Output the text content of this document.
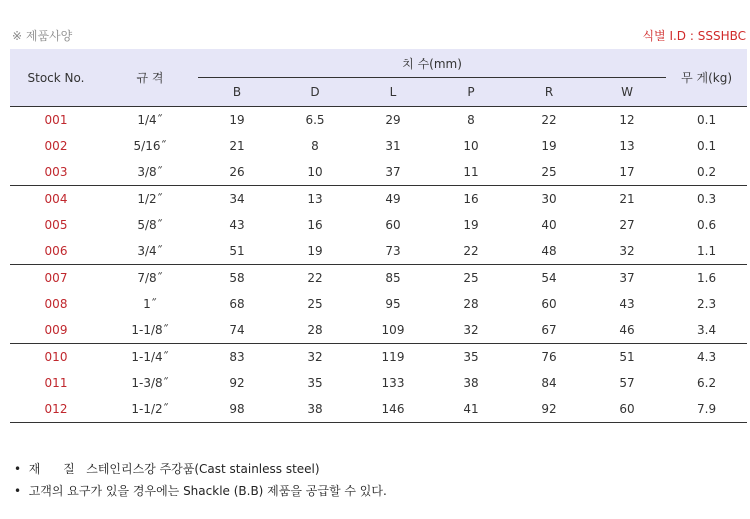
※ 제품사양	식별 I.D : SSSHBC
Stock No.	규 격	치 수(mm)						무 게(kg)
		B	D	L	P	R	W	
001	1/4˝	19	6.5	29	8	22	12	0.1
002	5/16˝	21	8	31	10	19	13	0.1
003	3/8˝	26	10	37	11	25	17	0.2
004	1/2˝	34	13	49	16	30	21	0.3
005	5/8˝	43	16	60	19	40	27	0.6
006	3/4˝	51	19	73	22	48	32	1.1
007	7/8˝	58	22	85	25	54	37	1.6
008	1˝	68	25	95	28	60	43	2.3
009	1-1/8˝	74	28	109	32	67	46	3.4
010	1-1/4˝	83	32	119	35	76	51	4.3
011	1-3/8˝	92	35	133	38	84	57	6.2
012	1-1/2˝	98	38	146	41	92	60	7.9
•  재      질   스테인리스강 주강품(Cast stainless steel)
•  고객의 요구가 있을 경우에는 Shackle (B.B) 제품을 공급할 수 있다.
